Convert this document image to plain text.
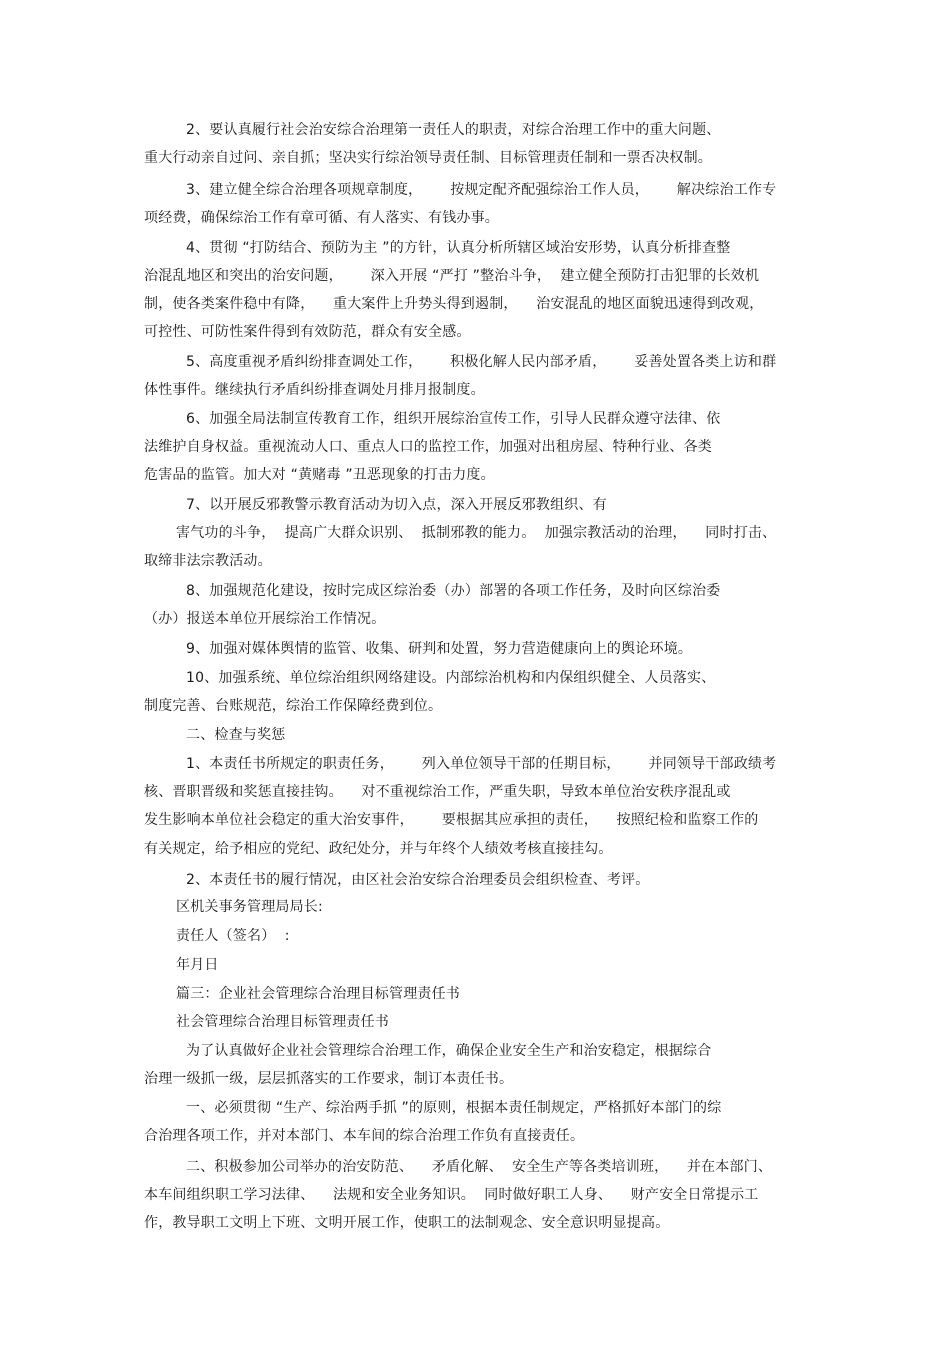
2、要认真履行社会治安综合治理第一责任人的职责，对综合治理工作中的重大问题、
重大行动亲自过问、亲自抓；坚决实行综治领导责任制、目标管理责任制和一票否决权制。
3、建立健全综合治理各项规章制度，      按规定配齐配强综治工作人员，      解决综治工作专
项经费，确保综治工作有章可循、有人落实、有钱办事。
4、贯彻 “打防结合、预防为主 ”的方针，认真分析所辖区域治安形势，认真分析排查整
治混乱地区和突出的治安问题，      深入开展 “严打 ”整治斗争，  建立健全预防打击犯罪的长效机
制，使各类案件稳中有降，    重大案件上升势头得到遏制，    治安混乱的地区面貌迅速得到改观，
可控性、可防性案件得到有效防范，群众有安全感。
5、高度重视矛盾纠纷排查调处工作，      积极化解人民内部矛盾，      妥善处置各类上访和群
体性事件。继续执行矛盾纠纷排查调处月排月报制度。
6、加强全局法制宣传教育工作，组织开展综治宣传工作，引导人民群众遵守法律、依
法维护自身权益。重视流动人口、重点人口的监控工作，加强对出租房屋、特种行业、各类
危害品的监管。加大对 “黄赌毒 ”丑恶现象的打击力度。
7、以开展反邪教警示教育活动为切入点，深入开展反邪教组织、有
害气功的斗争，  提高广大群众识别、  抵制邪教的能力。  加强宗教活动的治理，    同时打击、
取缔非法宗教活动。
8、加强规范化建设，按时完成区综治委（办）部署的各项工作任务，及时向区综治委
（办）报送本单位开展综治工作情况。
9、加强对媒体舆情的监管、收集、研判和处置，努力营造健康向上的舆论环境。
10、加强系统、单位综治组织网络建设。内部综治机构和内保组织健全、人员落实、
制度完善、台账规范，综治工作保障经费到位。
二、检查与奖惩
1、本责任书所规定的职责任务，      列入单位领导干部的任期目标，      并同领导干部政绩考
核、晋职晋级和奖惩直接挂钩。    对不重视综治工作，严重失职，导致本单位治安秩序混乱或
发生影响本单位社会稳定的重大治安事件，      要根据其应承担的责任，    按照纪检和监察工作的
有关规定，给予相应的党纪、政纪处分，并与年终个人绩效考核直接挂勾。
2、本责任书的履行情况，由区社会治安综合治理委员会组织检查、考评。
区机关事务管理局局长:
责任人（签名）  :
年月日
篇三：企业社会管理综合治理目标管理责任书
社会管理综合治理目标管理责任书
为了认真做好企业社会管理综合治理工作，确保企业安全生产和治安稳定，根据综合
治理一级抓一级，层层抓落实的工作要求，制订本责任书。
一、必须贯彻 “生产、综治两手抓 ”的原则，根据本责任制规定，严格抓好本部门的综
合治理各项工作，并对本部门、本车间的综合治理工作负有直接责任。
二、积极参加公司举办的治安防范、    矛盾化解、  安全生产等各类培训班，    并在本部门、
本车间组织职工学习法律、    法规和安全业务知识。  同时做好职工人身、    财产安全日常提示工
作，教导职工文明上下班、文明开展工作，使职工的法制观念、安全意识明显提高。
